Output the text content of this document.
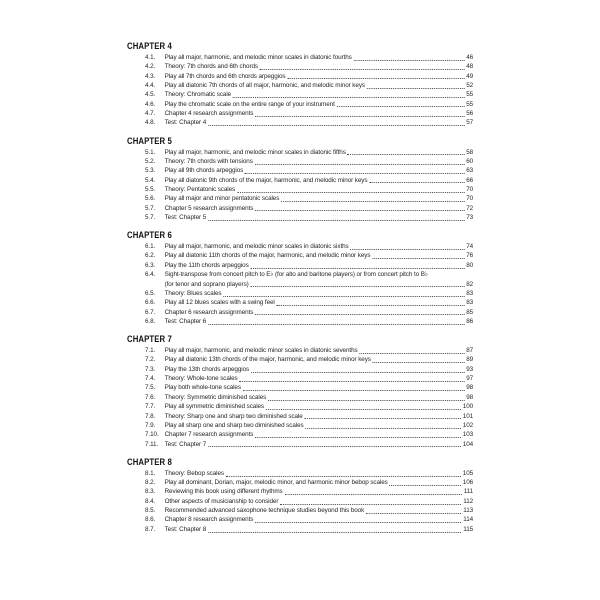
CHAPTER 4
4.1.	Play all major, harmonic, and melodic minor scales in diatonic fourths	46
4.2.	Theory: 7th chords and 6th chords	48
4.3.	Play all 7th chords and 6th chords arpeggios	49
4.4.	Play all diatonic 7th chords of all major, harmonic, and melodic minor keys	52
4.5.	Theory: Chromatic scale	55
4.6.	Play the chromatic scale on the entire range of your instrument	55
4.7.	Chapter 4 research assignments	56
4.8.	Test: Chapter 4	57
CHAPTER 5
5.1.	Play all major, harmonic, and melodic minor scales in diatonic fifths	58
5.2.	Theory: 7th chords with tensions	60
5.3.	Play all 9th chords arpeggios	63
5.4.	Play all diatonic 9th chords of the major, harmonic, and melodic minor keys	66
5.5.	Theory: Pentatonic scales	70
5.6.	Play all major and minor pentatonic scales	70
5.7.	Chapter 5 research assignments	72
5.7.	Test: Chapter 5	73
CHAPTER 6
6.1.	Play all major, harmonic, and melodic minor scales in diatonic sixths	74
6.2.	Play all diatonic 11th chords of the major, harmonic, and melodic minor keys	76
6.3.	Play the 11th chords arpeggios	80
6.4.	Sight-transpose from concert pitch to E♭ (for alto and baritone players) or from concert pitch to B♭
(for tenor and soprano players)	82
6.5.	Theory: Blues scales	83
6.6.	Play all 12 blues scales with a swing feel	83
6.7.	Chapter 6 research assignments	85
6.8.	Test: Chapter 6	86
CHAPTER 7
7.1.	Play all major, harmonic, and melodic minor scales in diatonic sevenths	87
7.2.	Play all diatonic 13th chords of the major, harmonic, and melodic minor keys	89
7.3.	Play the 13th chords arpeggios	93
7.4.	Theory: Whole-tone scales	97
7.5.	Play both whole-tone scales	98
7.6.	Theory: Symmetric diminished scales	98
7.7.	Play all symmetric diminished scales	100
7.8.	Theory: Sharp one and sharp two diminished scale	101
7.9.	Play all sharp one and sharp two diminished scales	102
7.10. Chapter 7 research assignments	103
7.11. Test: Chapter 7	104
CHAPTER 8
8.1.	Theory: Bebop scales	105
8.2.	Play all dominant, Dorian, major, melodic minor, and harmonic minor bebop scales	106
8.3.	Reviewing this book using different rhythms	111
8.4.	Other aspects of musicianship to consider	112
8.5.	Recommended advanced saxophone technique studies beyond this book	113
8.6.	Chapter 8 research assignments	114
8.7.	Test: Chapter 8	115
